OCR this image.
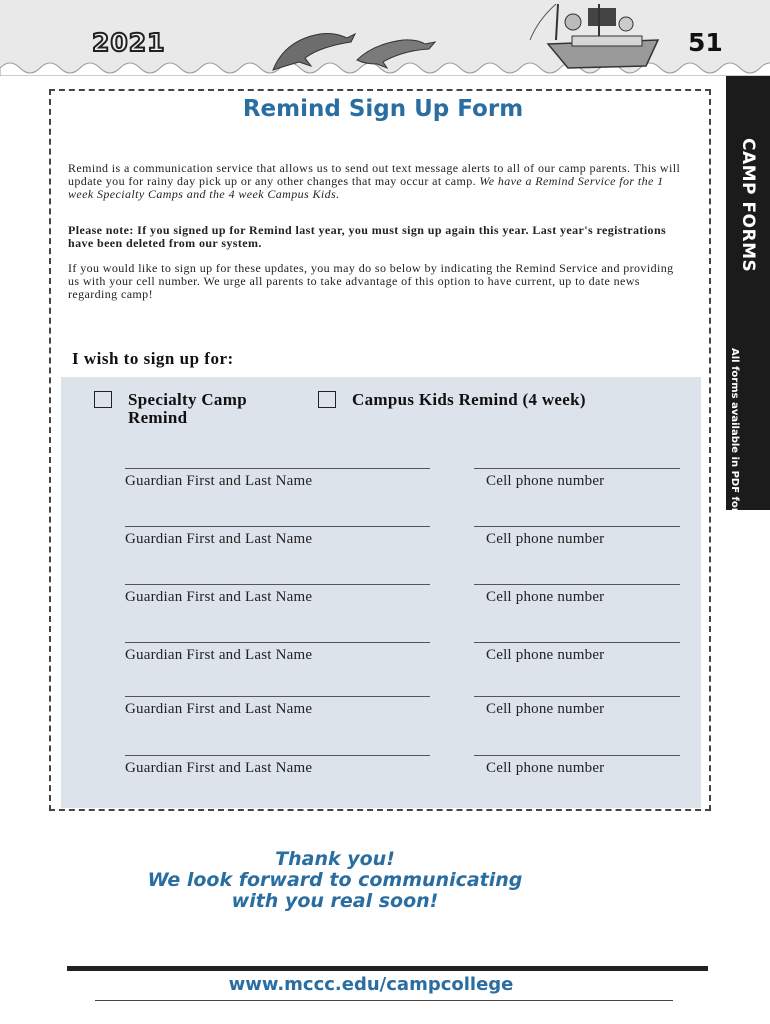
2021	51
CAMP FORMS
All forms available in PDF format on our website.
Remind Sign Up Form
Remind is a communication service that allows us to send out text message alerts to all of our camp parents. This will update you for rainy day pick up or any other changes that may occur at camp. We have a Remind Service for the 1 week Specialty Camps and the 4 week Campus Kids.
Please note: If you signed up for Remind last year, you must sign up again this year. Last year's registrations have been deleted from our system.
If you would like to sign up for these updates, you may do so below by indicating the Remind Service and providing us with your cell number. We urge all parents to take advantage of this option to have current, up to date news regarding camp!
I wish to sign up for:
Specialty Camp Remind
Campus Kids Remind (4 week)
Guardian First and Last Name	Cell phone number
Guardian First and Last Name	Cell phone number
Guardian First and Last Name	Cell phone number
Guardian First and Last Name	Cell phone number
Guardian First and Last Name	Cell phone number
Guardian First and Last Name	Cell phone number
Thank you!
We look forward to communicating
with you real soon!
www.mccc.edu/campcollege
